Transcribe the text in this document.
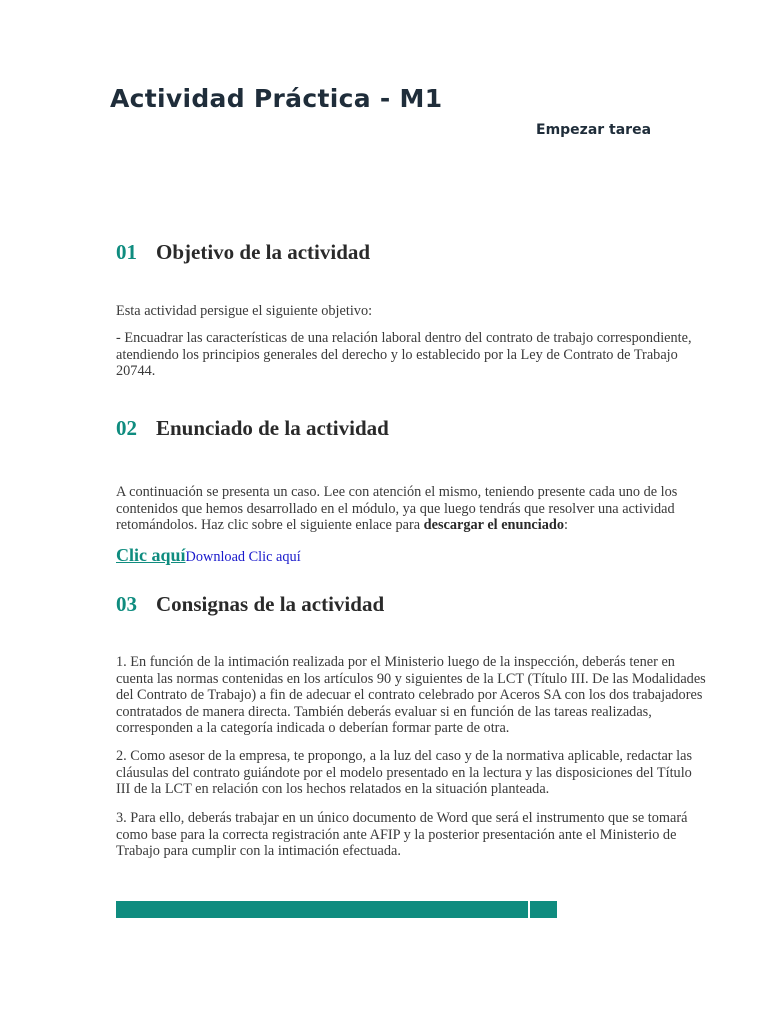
Actividad Práctica - M1
Empezar tarea
01 Objetivo de la actividad

Esta actividad persigue el siguiente objetivo:

- Encuadrar las características de una relación laboral dentro del contrato de trabajo correspondiente, atendiendo los principios generales del derecho y lo establecido por la Ley de Contrato de Trabajo 20744.

02 Enunciado de la actividad

A continuación se presenta un caso. Lee con atención el mismo, teniendo presente cada uno de los contenidos que hemos desarrollado en el módulo, ya que luego tendrás que resolver una actividad retomándolos. Haz clic sobre el siguiente enlace para descargar el enunciado:

Clic aquíDownload Clic aquí
03 Consignas de la actividad

1. En función de la intimación realizada por el Ministerio luego de la inspección, deberás tener en cuenta las normas contenidas en los artículos 90 y siguientes de la LCT (Título III. De las Modalidades del Contrato de Trabajo) a fin de adecuar el contrato celebrado por Aceros SA con los dos trabajadores contratados de manera directa. También deberás evaluar si en función de las tareas realizadas, corresponden a la categoría indicada o deberían formar parte de otra.

2. Como asesor de la empresa, te propongo, a la luz del caso y de la normativa aplicable, redactar las cláusulas del contrato guiándote por el modelo presentado en la lectura y las disposiciones del Título III de la LCT en relación con los hechos relatados en la situación planteada.

3. Para ello, deberás trabajar en un único documento de Word que será el instrumento que se tomará como base para la correcta registración ante AFIP y la posterior presentación ante el Ministerio de Trabajo para cumplir con la intimación efectuada.
